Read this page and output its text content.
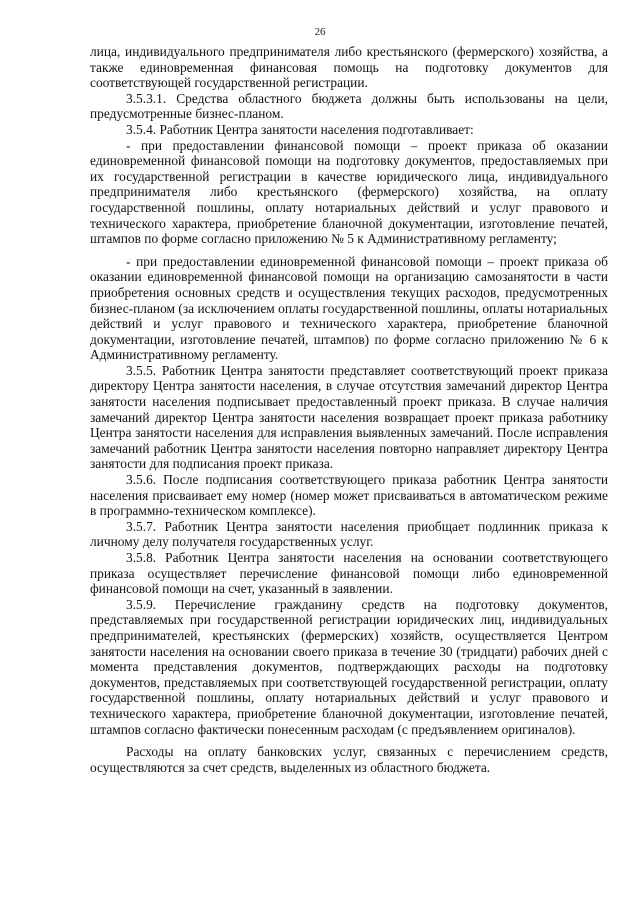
26

лица, индивидуального предпринимателя либо крестьянского (фермерского) хозяйства, а также единовременная финансовая помощь на подготовку документов для соответствующей государственной регистрации.

3.5.3.1. Средства областного бюджета должны быть использованы на цели, предусмотренные бизнес-планом.

3.5.4. Работник Центра занятости населения подготавливает:

- при предоставлении финансовой помощи – проект приказа об оказании единовременной финансовой помощи на подготовку документов, предоставляемых при их государственной регистрации в качестве юридического лица, индивидуального предпринимателя либо крестьянского (фермерского) хозяйства, на оплату государственной пошлины, оплату нотариальных действий и услуг правового и технического характера, приобретение бланочной документации, изготовление печатей, штампов по форме согласно приложению № 5 к Административному регламенту;

- при предоставлении единовременной финансовой помощи – проект приказа об оказании единовременной финансовой помощи на организацию самозанятости в части приобретения основных средств и осуществления текущих расходов, предусмотренных бизнес-планом (за исключением оплаты государственной пошлины, оплаты нотариальных действий и услуг правового и технического характера, приобретение бланочной документации, изготовление печатей, штампов) по форме согласно приложению № 6 к Административному регламенту.

3.5.5. Работник Центра занятости представляет соответствующий проект приказа директору Центра занятости населения, в случае отсутствия замечаний директор Центра занятости населения подписывает предоставленный проект приказа. В случае наличия замечаний директор Центра занятости населения возвращает проект приказа работнику Центра занятости населения для исправления выявленных замечаний. После исправления замечаний работник Центра занятости населения повторно направляет директору Центра занятости для подписания проект приказа.

3.5.6. После подписания соответствующего приказа работник Центра занятости населения присваивает ему номер (номер может присваиваться в автоматическом режиме в программно-техническом комплексе).

3.5.7. Работник Центра занятости населения приобщает подлинник приказа к личному делу получателя государственных услуг.

3.5.8. Работник Центра занятости населения на основании соответствующего приказа осуществляет перечисление финансовой помощи либо единовременной финансовой помощи на счет, указанный в заявлении.

3.5.9. Перечисление гражданину средств на подготовку документов, представляемых при государственной регистрации юридических лиц, индивидуальных предпринимателей, крестьянских (фермерских) хозяйств, осуществляется Центром занятости населения на основании своего приказа в течение 30 (тридцати) рабочих дней с момента представления документов, подтверждающих расходы на подготовку документов, представляемых при соответствующей государственной регистрации, оплату государственной пошлины, оплату нотариальных действий и услуг правового и технического характера, приобретение бланочной документации, изготовление печатей, штампов согласно фактически понесенным расходам (с предъявлением оригиналов).

Расходы на оплату банковских услуг, связанных с перечислением средств, осуществляются за счет средств, выделенных из областного бюджета.
